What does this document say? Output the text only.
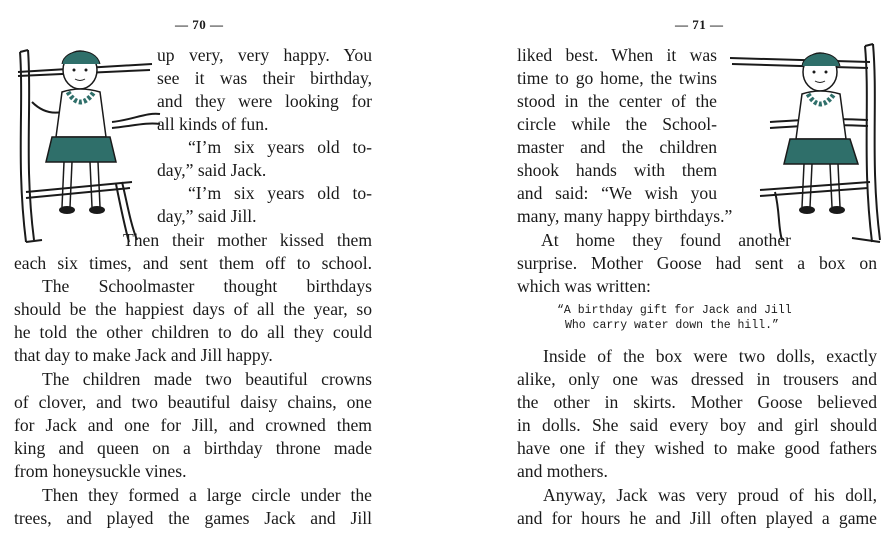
— 70 —
up very, very happy. You
see it was their birthday,
and they were looking for
all kinds of fun.
“I’m six years old to-
day,” said Jack.
“I’m six years old to-
day,” said Jill.
Then their mother kissed them
each six times, and sent them off to school.
The Schoolmaster thought birthdays
should be the happiest days of all the year, so
he told the other children to do all they could
that day to make Jack and Jill happy.
The children made two beautiful crowns
of clover, and two beautiful daisy chains, one
for Jack and one for Jill, and crowned them
king and queen on a birthday throne made
from honeysuckle vines.
Then they formed a large circle under the
trees, and played the games Jack and Jill
— 71 —
liked best. When it was
time to go home, the twins
stood in the center of the
circle while the School-
master and the children
shook hands with them
and said: “We wish you
many, many happy birthdays.”
At home they found another
surprise. Mother Goose had sent a box on
which was written:
“A birthday gift for Jack and Jill
Who carry water down the hill.”
Inside of the box were two dolls, exactly
alike, only one was dressed in trousers and
the other in skirts. Mother Goose believed
in dolls. She said every boy and girl should
have one if they wished to make good fathers
and mothers.
Anyway, Jack was very proud of his doll,
and for hours he and Jill often played a game
